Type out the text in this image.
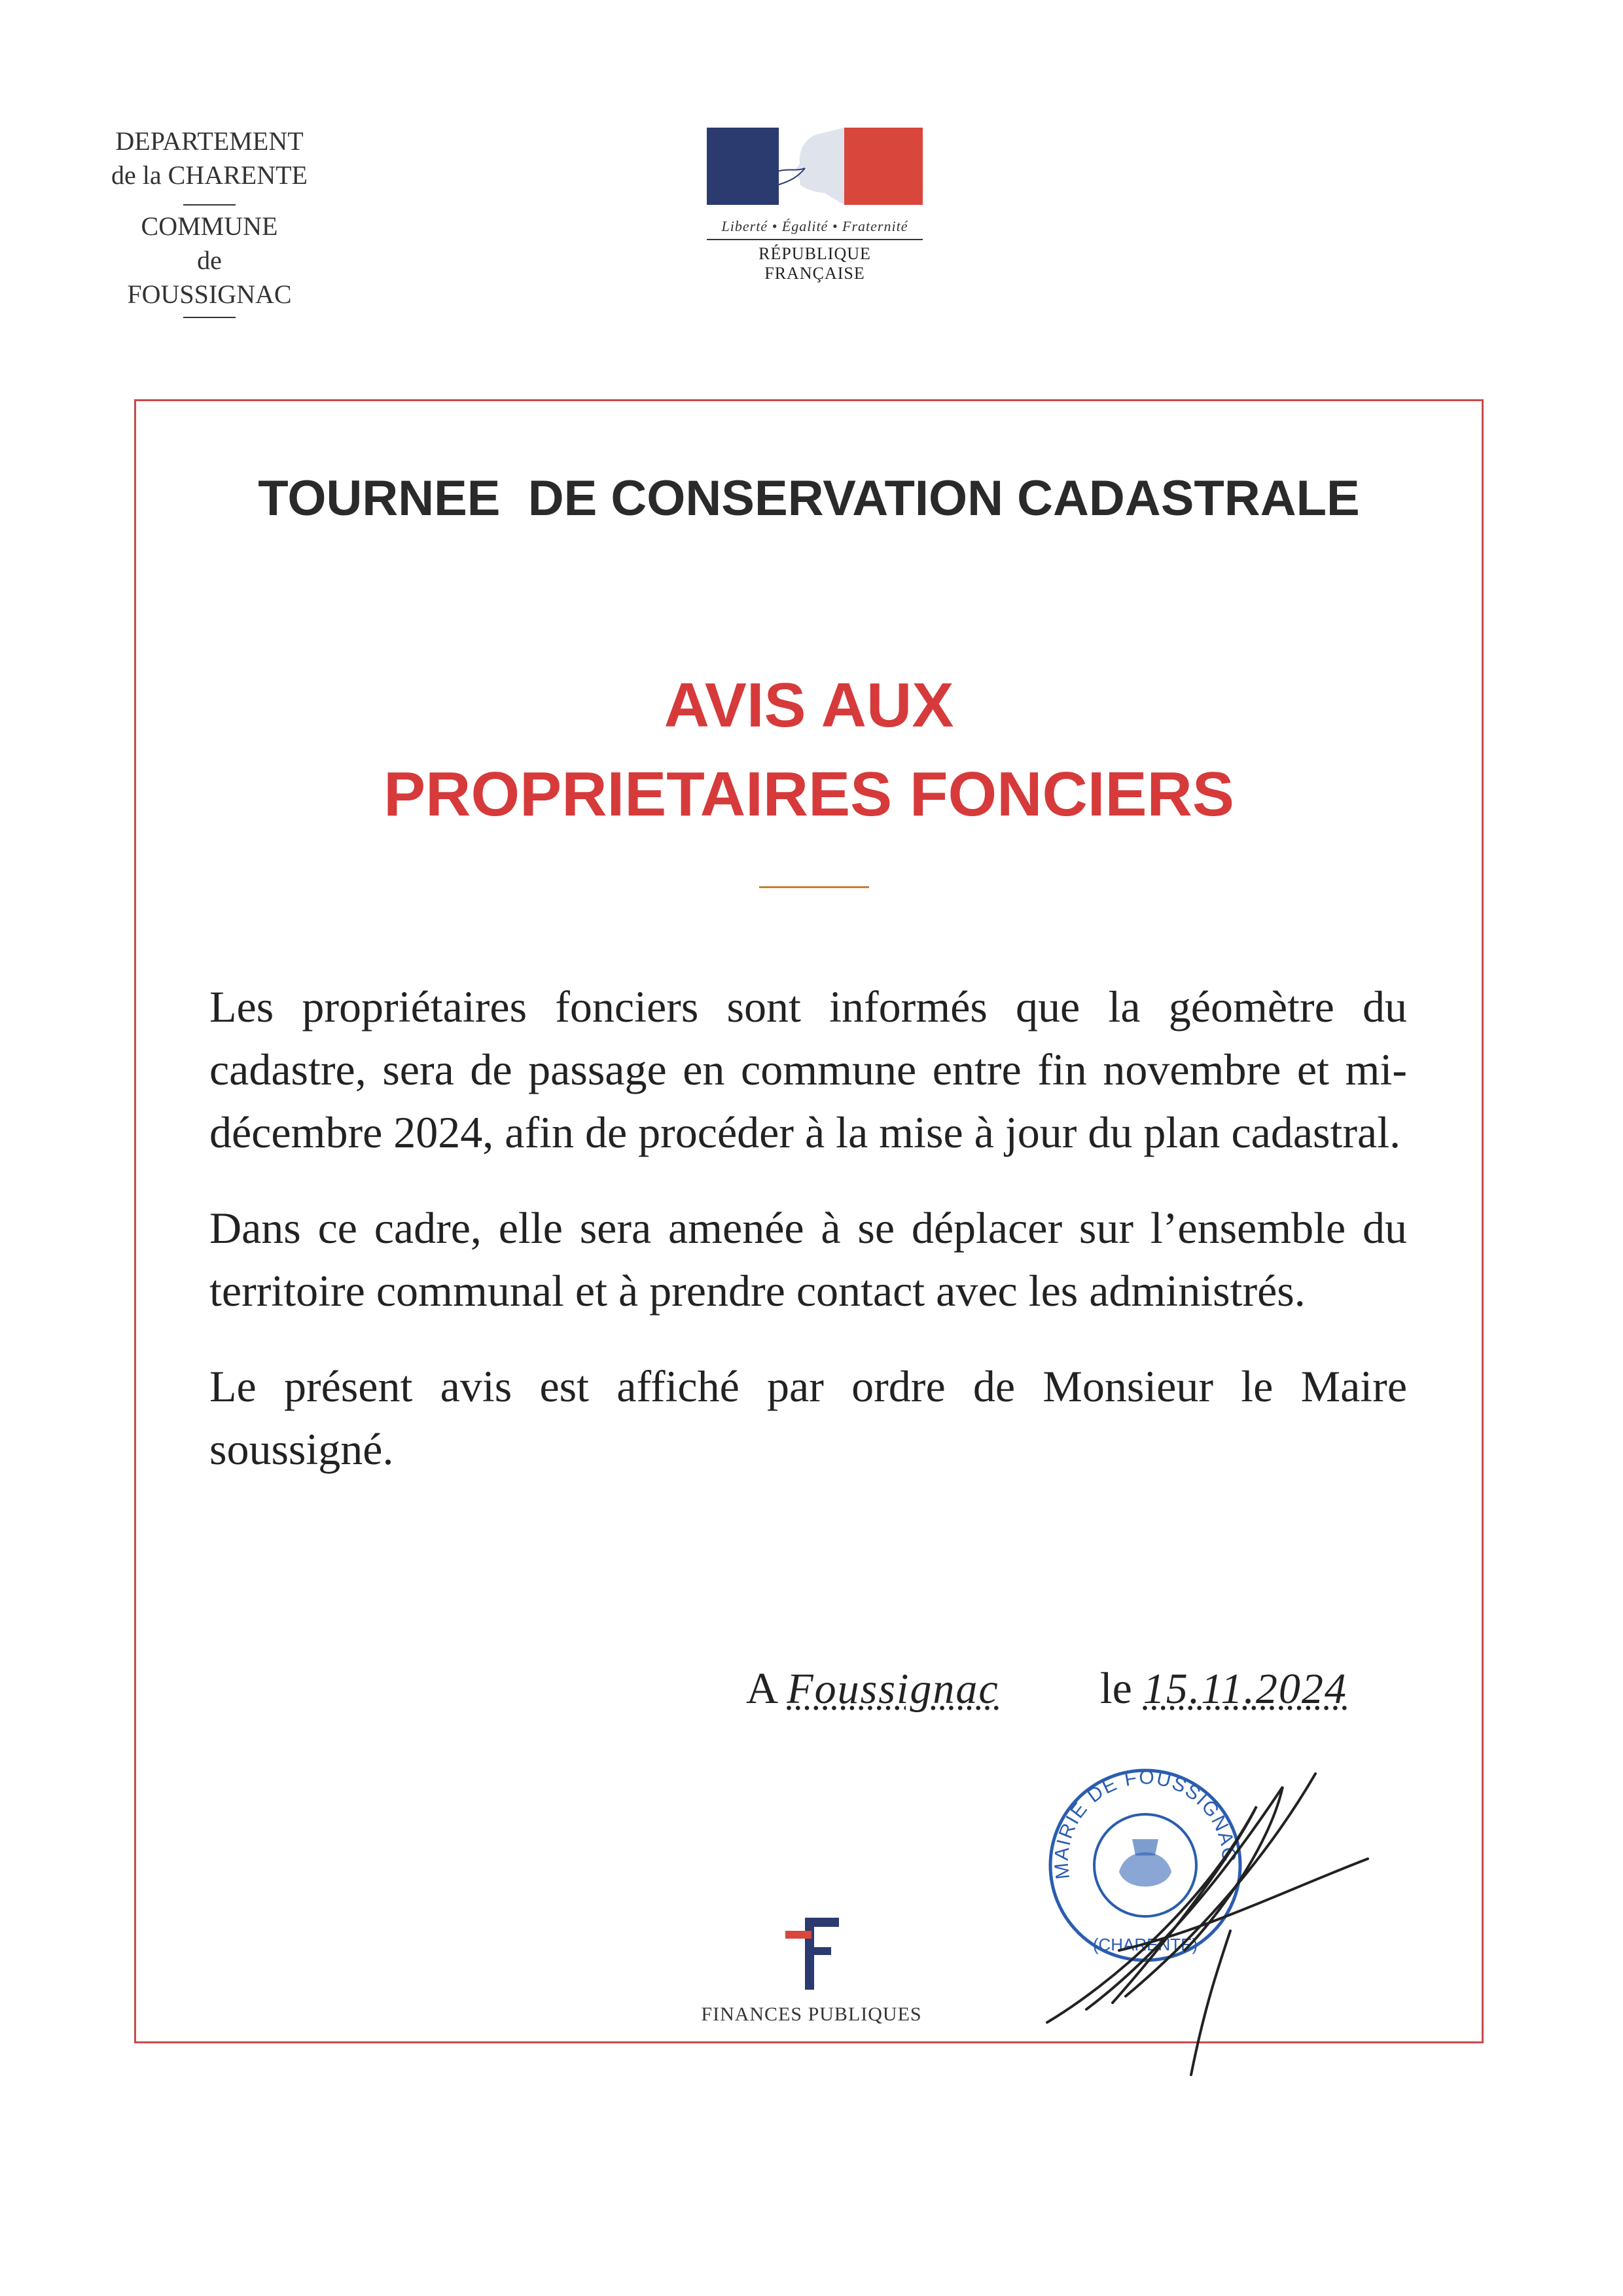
DEPARTEMENT
de la CHARENTE
COMMUNE
de
FOUSSIGNAC
Liberté • Égalité • Fraternité
RÉPUBLIQUE FRANÇAISE
TOURNEE  DE CONSERVATION CADASTRALE
AVIS AUX
PROPRIETAIRES FONCIERS

Les propriétaires fonciers sont informés que la géomètre du cadastre, sera de passage en commune entre fin novembre et mi-décembre 2024, afin de procéder à la mise à jour du plan cadastral.

Dans ce cadre, elle sera amenée à se déplacer sur l’ensemble du territoire communal et à prendre contact avec les administrés.

Le présent avis est affiché par ordre de Monsieur le Maire soussigné.

A Foussignac le 15.11.2024
MAIRIE DE FOUSSIGNAC
(CHARENTE)
FINANCES PUBLIQUES
